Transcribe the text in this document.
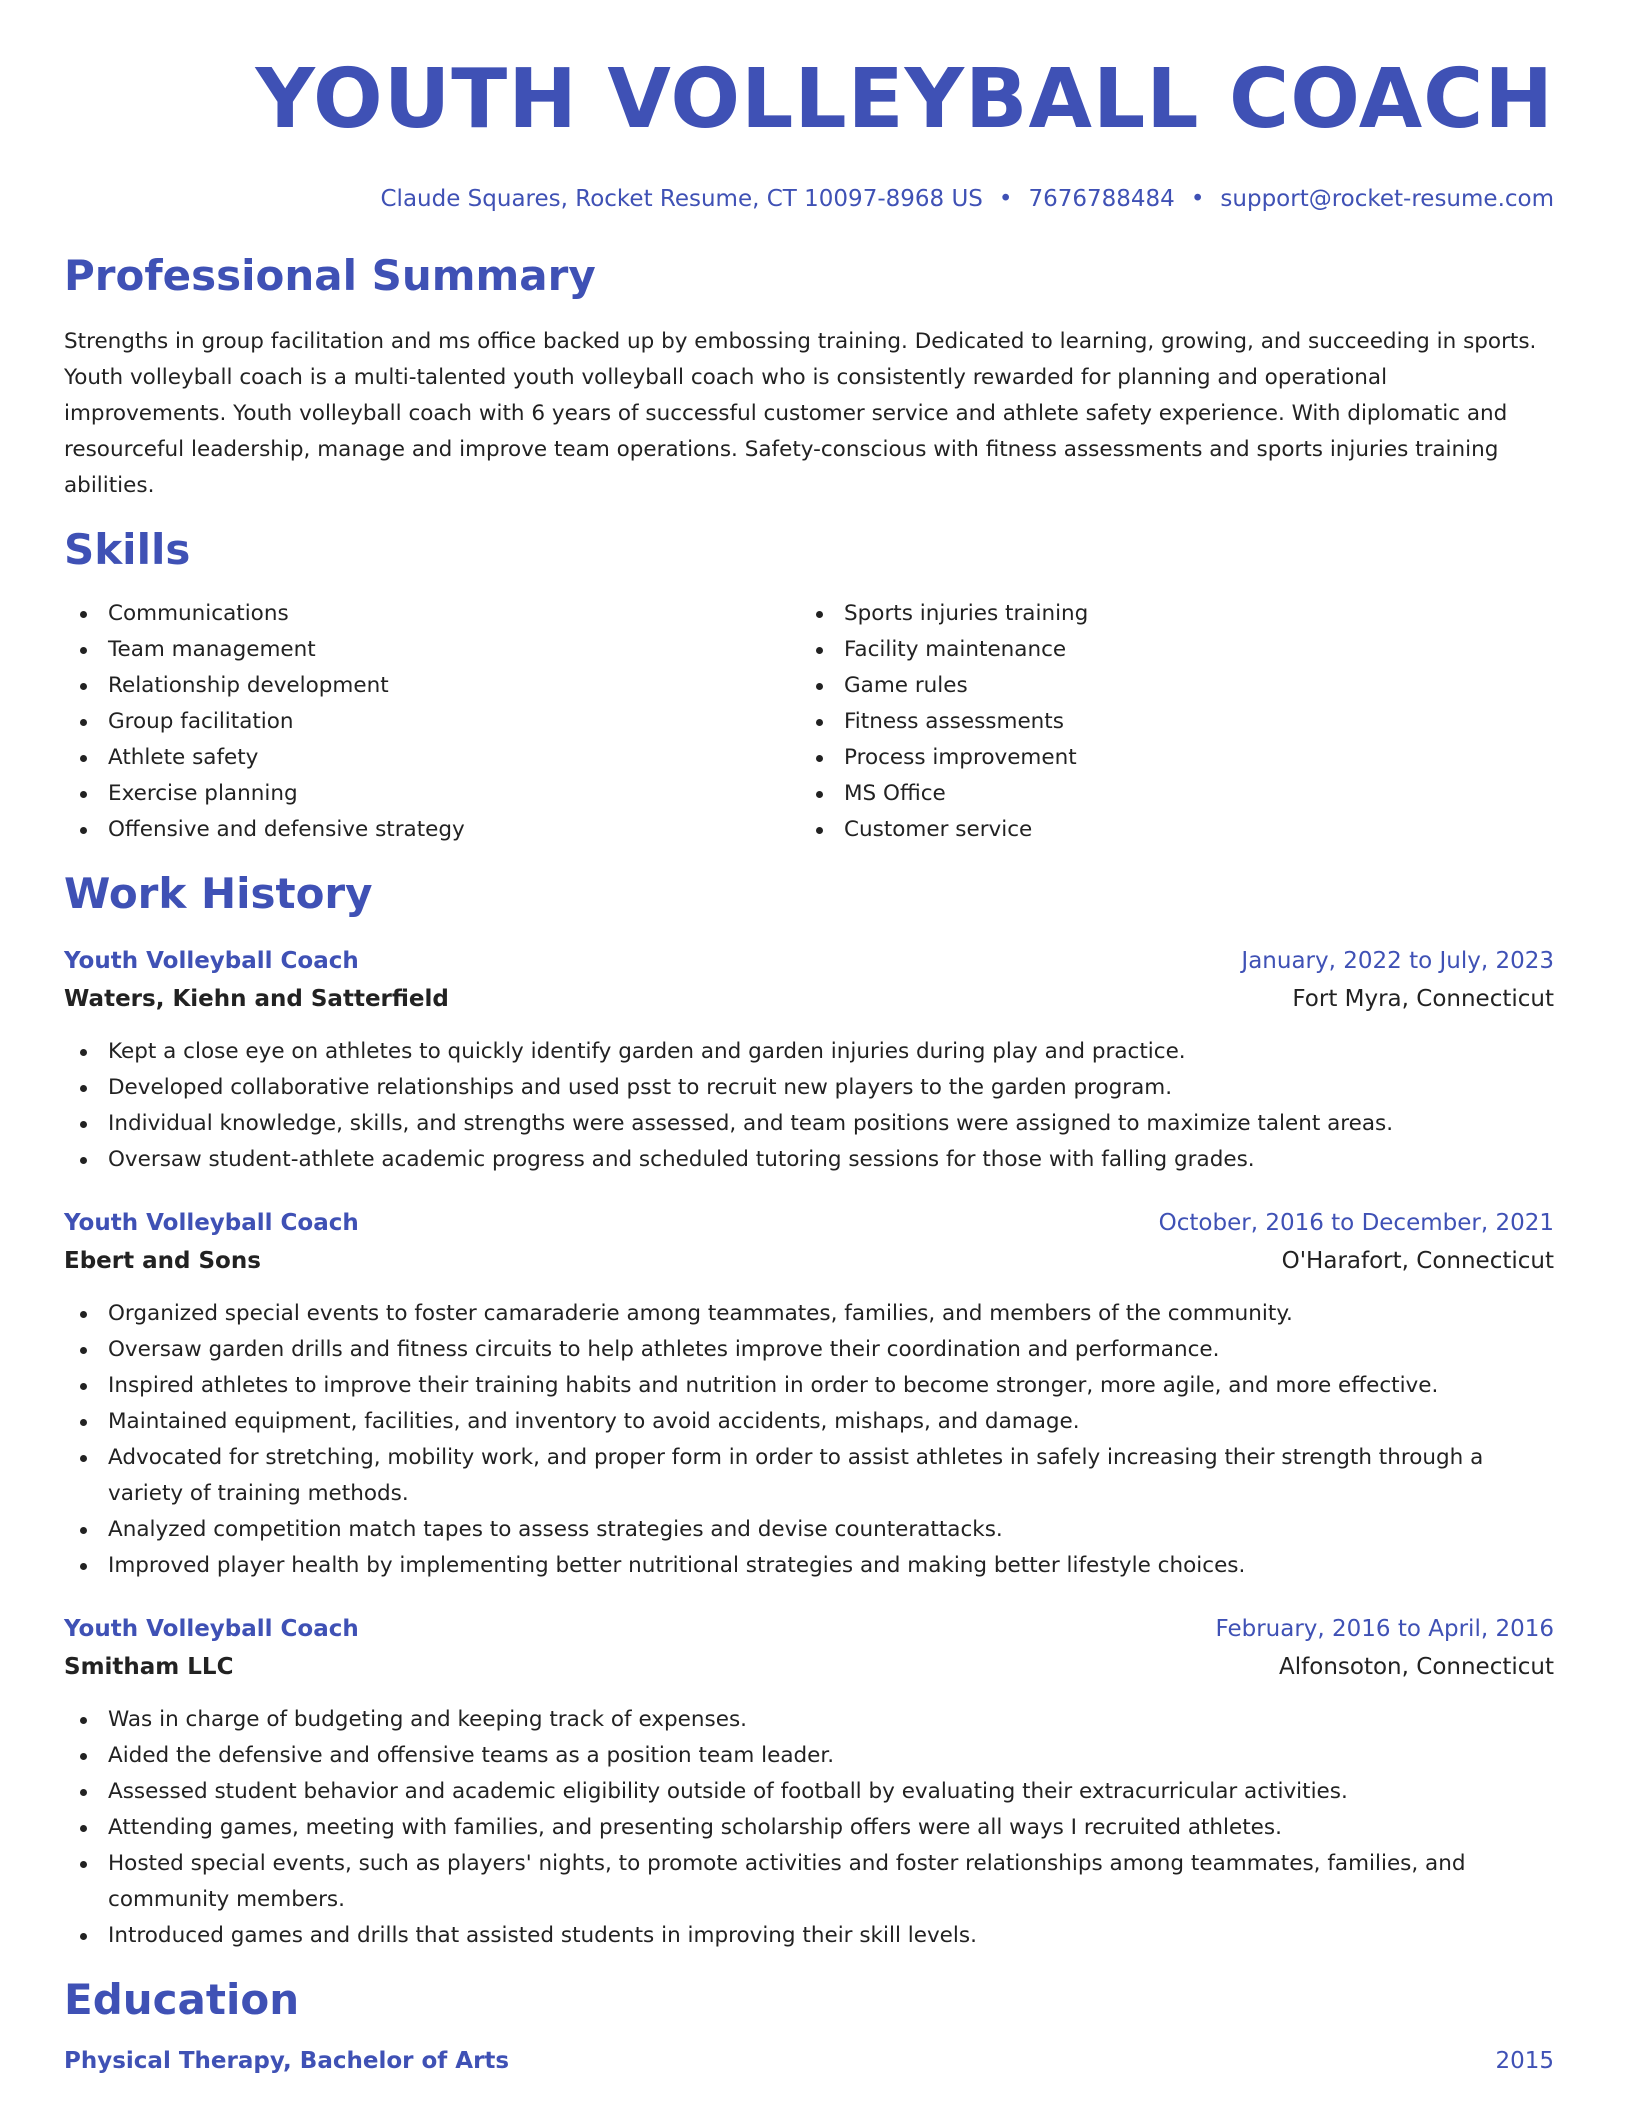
YOUTH VOLLEYBALL COACH
Claude Squares, Rocket Resume, CT 10097-8968 US • 7676788484 • support@rocket-resume.com
Professional Summary

Strengths in group facilitation and ms office backed up by embossing training. Dedicated to learning, growing, and succeeding in sports. Youth volleyball coach is a multi-talented youth volleyball coach who is consistently rewarded for planning and operational improvements. Youth volleyball coach with 6 years of successful customer service and athlete safety experience. With diplomatic and resourceful leadership, manage and improve team operations. Safety-conscious with fitness assessments and sports injuries training abilities.

Skills
Communications
Team management
Relationship development
Group facilitation
Athlete safety
Exercise planning
Offensive and defensive strategy
Sports injuries training
Facility maintenance
Game rules
Fitness assessments
Process improvement
MS Office
Customer service
Work History
Youth Volleyball Coach	January, 2022 to July, 2023
Waters, Kiehn and Satterfield	Fort Myra, Connecticut
Kept a close eye on athletes to quickly identify garden and garden injuries during play and practice.
Developed collaborative relationships and used psst to recruit new players to the garden program.
Individual knowledge, skills, and strengths were assessed, and team positions were assigned to maximize talent areas.
Oversaw student-athlete academic progress and scheduled tutoring sessions for those with falling grades.
Youth Volleyball Coach	October, 2016 to December, 2021
Ebert and Sons	O'Harafort, Connecticut
Organized special events to foster camaraderie among teammates, families, and members of the community.
Oversaw garden drills and fitness circuits to help athletes improve their coordination and performance.
Inspired athletes to improve their training habits and nutrition in order to become stronger, more agile, and more effective.
Maintained equipment, facilities, and inventory to avoid accidents, mishaps, and damage.
Advocated for stretching, mobility work, and proper form in order to assist athletes in safely increasing their strength through a variety of training methods.
Analyzed competition match tapes to assess strategies and devise counterattacks.
Improved player health by implementing better nutritional strategies and making better lifestyle choices.
Youth Volleyball Coach	February, 2016 to April, 2016
Smitham LLC	Alfonsoton, Connecticut
Was in charge of budgeting and keeping track of expenses.
Aided the defensive and offensive teams as a position team leader.
Assessed student behavior and academic eligibility outside of football by evaluating their extracurricular activities.
Attending games, meeting with families, and presenting scholarship offers were all ways I recruited athletes.
Hosted special events, such as players' nights, to promote activities and foster relationships among teammates, families, and community members.
Introduced games and drills that assisted students in improving their skill levels.
Education
Physical Therapy, Bachelor of Arts	2015
